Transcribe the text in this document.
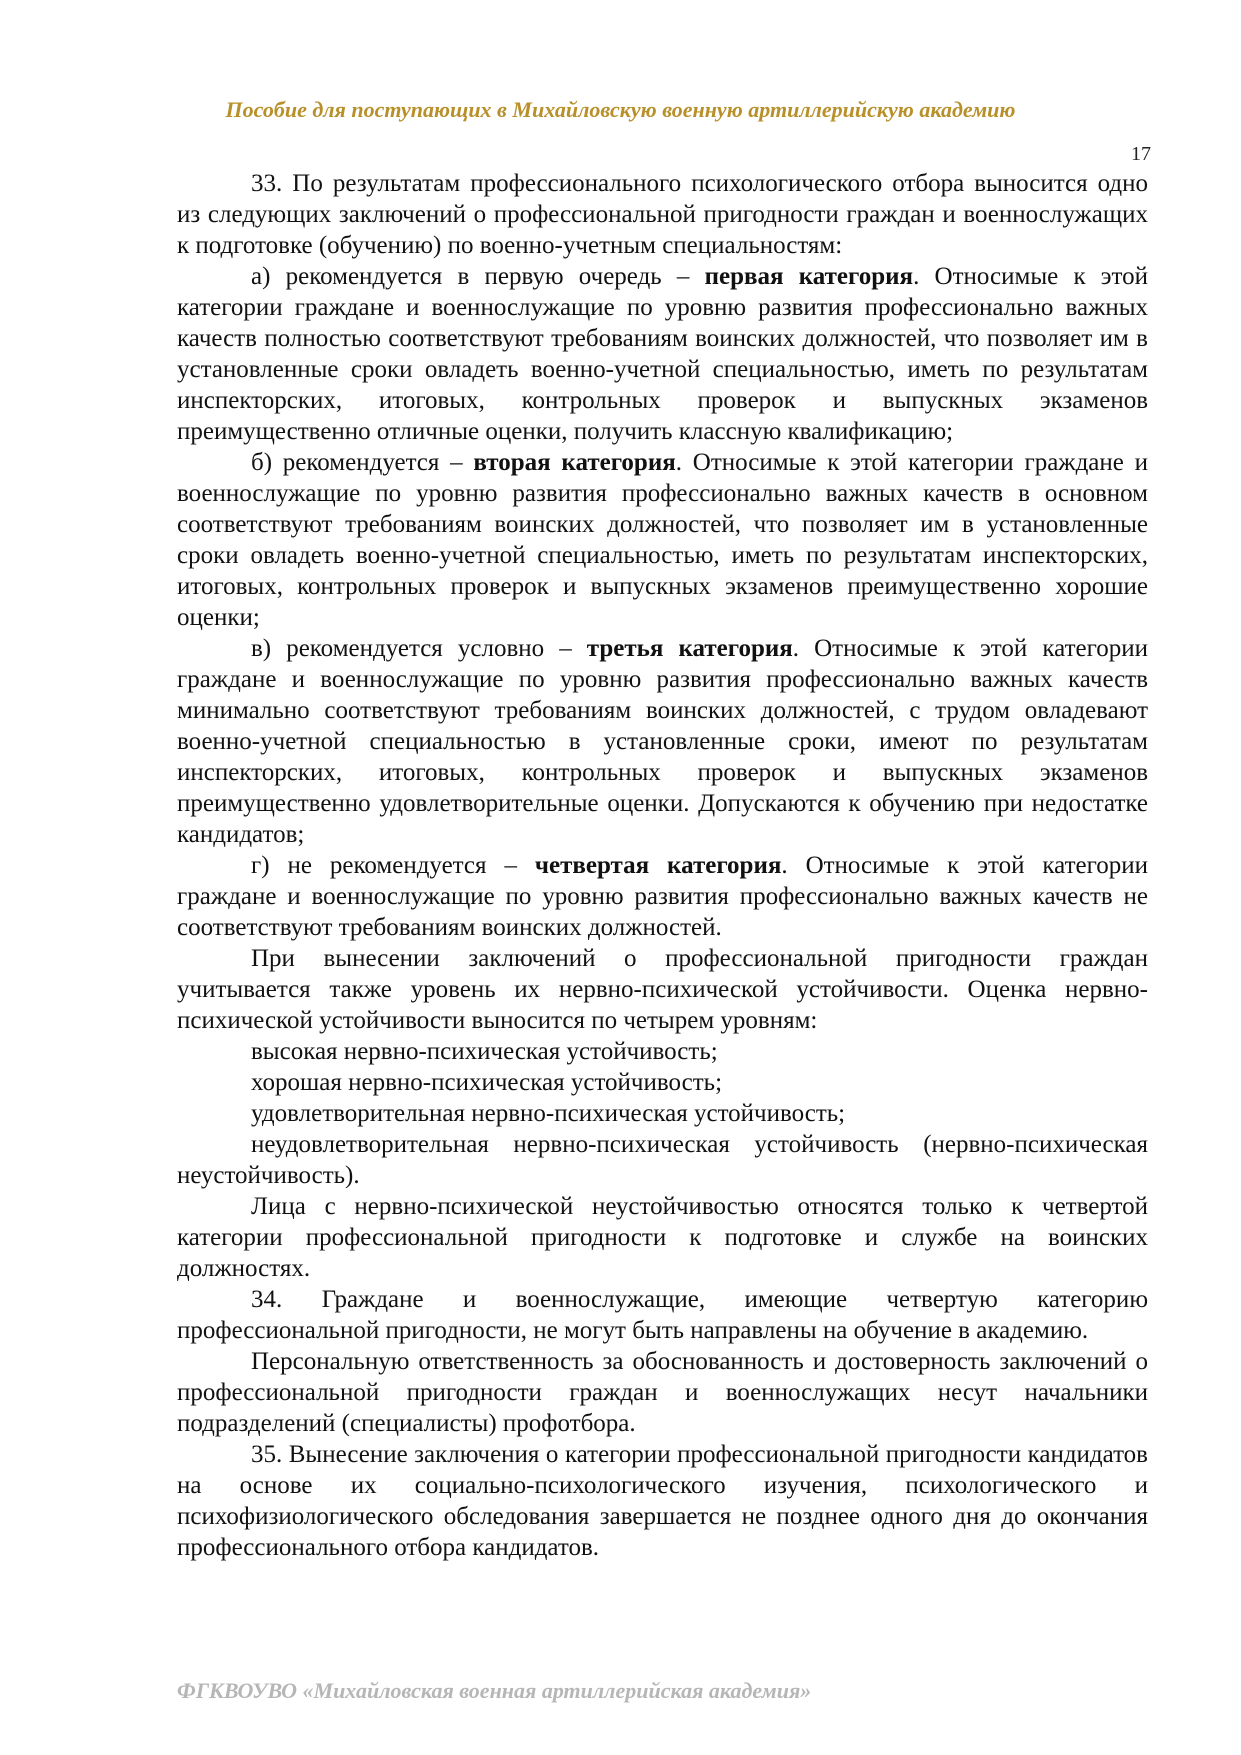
Пособие для поступающих в Михайловскую военную артиллерийскую академию
17

33. По результатам профессионального психологического отбора выносится одно из следующих заключений о профессиональной пригодности граждан и военнослужащих к подготовке (обучению) по военно-учетным специальностям:

а) рекомендуется в первую очередь – первая категория. Относимые к этой категории граждане и военнослужащие по уровню развития профессионально важных качеств полностью соответствуют требованиям воинских должностей, что позволяет им в установленные сроки овладеть военно-учетной специальностью, иметь по результатам инспекторских, итоговых, контрольных проверок и выпускных экзаменов преимущественно отличные оценки, получить классную квалификацию;

б) рекомендуется – вторая категория. Относимые к этой категории граждане и военнослужащие по уровню развития профессионально важных качеств в основном соответствуют требованиям воинских должностей, что позволяет им в установленные сроки овладеть военно-учетной специальностью, иметь по результатам инспекторских, итоговых, контрольных проверок и выпускных экзаменов преимущественно хорошие оценки;

в) рекомендуется условно – третья категория. Относимые к этой категории граждане и военнослужащие по уровню развития профессионально важных качеств минимально соответствуют требованиям воинских должностей, с трудом овладевают военно-учетной специальностью в установленные сроки, имеют по результатам инспекторских, итоговых, контрольных проверок и выпускных экзаменов преимущественно удовлетворительные оценки. Допускаются к обучению при недостатке кандидатов;

г) не рекомендуется – четвертая категория. Относимые к этой категории граждане и военнослужащие по уровню развития профессионально важных качеств не соответствуют требованиям воинских должностей.

При вынесении заключений о профессиональной пригодности граждан учитывается также уровень их нервно-психической устойчивости. Оценка нервно-психической устойчивости выносится по четырем уровням:

высокая нервно-психическая устойчивость;

хорошая нервно-психическая устойчивость;

удовлетворительная нервно-психическая устойчивость;

неудовлетворительная нервно-психическая устойчивость (нервно-психическая неустойчивость).

Лица с нервно-психической неустойчивостью относятся только к четвертой категории профессиональной пригодности к подготовке и службе на воинских должностях.

34. Граждане и военнослужащие, имеющие четвертую категорию профессиональной пригодности, не могут быть направлены на обучение в академию.

Персональную ответственность за обоснованность и достоверность заключений о профессиональной пригодности граждан и военнослужащих несут начальники подразделений (специалисты) профотбора.

35. Вынесение заключения о категории профессиональной пригодности кандидатов на основе их социально-психологического изучения, психологического и психофизиологического обследования завершается не позднее одного дня до окончания профессионального отбора кандидатов.

ФГКВОУВО «Михайловская военная артиллерийская академия»
